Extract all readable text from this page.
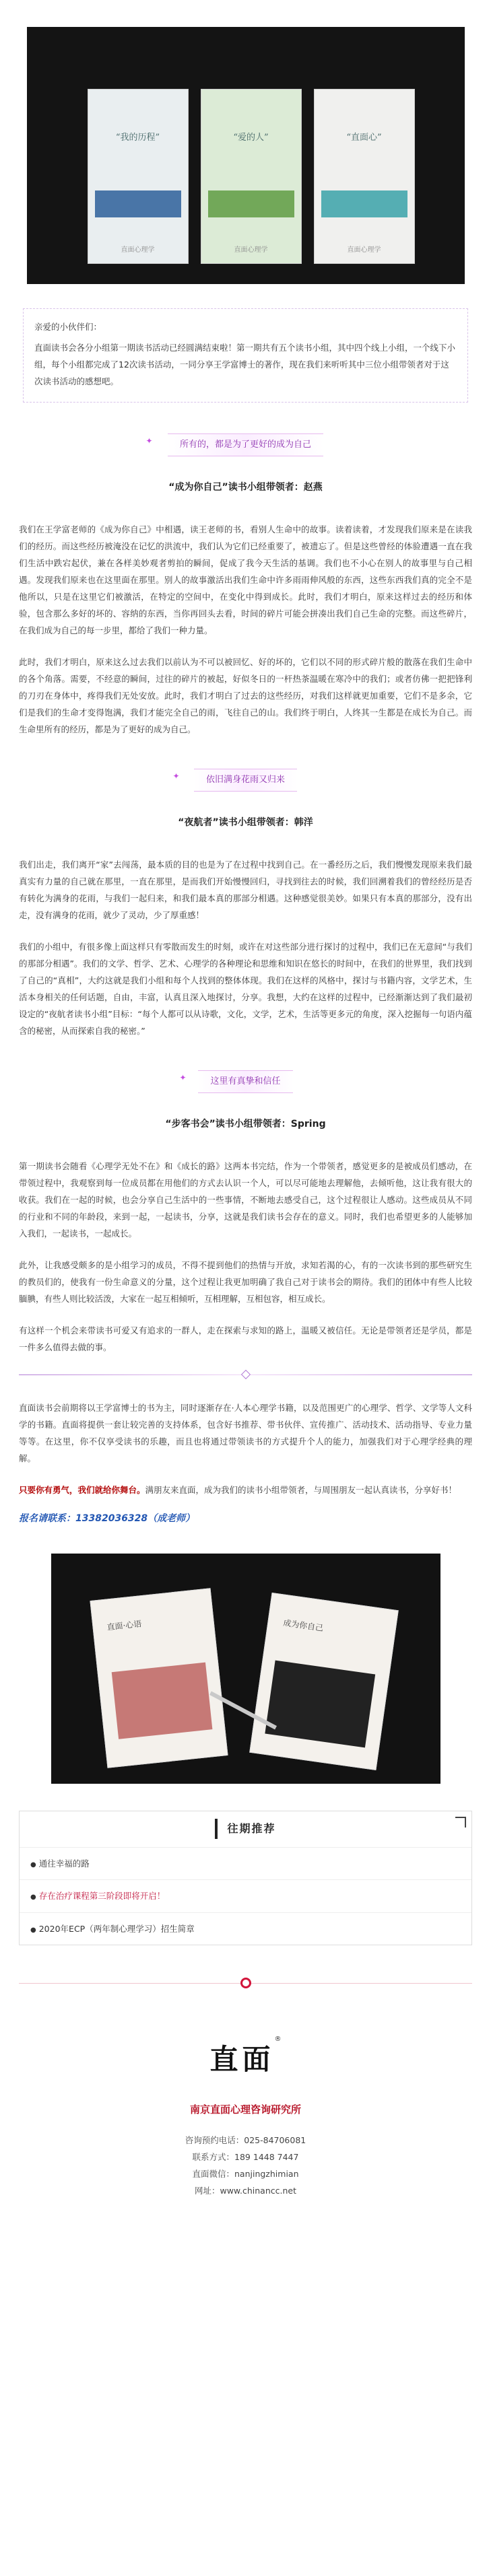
“我的历程”
直面心理学
“爱的人”
直面心理学
“直面心”
直面心理学

亲爱的小伙伴们：

直面读书会各分小组第一期读书活动已经圆满结束啦！第一期共有五个读书小组，其中四个线上小组，一个线下小组，每个小组都完成了12次读书活动，一同分享王学富博士的著作，现在我们来听听其中三位小组带领者对于这次读书活动的感想吧。

✦	所有的，都是为了更好的成为自己
“成为你自己”读书小组带领者：赵燕
我们在王学富老师的《成为你自己》中相遇，读王老师的书，看别人生命中的故事。读着读着，才发现我们原来是在读我们的经历。而这些经历被淹没在记忆的洪流中，我们认为它们已经重要了，被遗忘了。但是这些曾经的体验遭遇一直在我们生活中跌宕起伏，兼在各样美妙观者剪拍的瞬间，促成了我今天生活的基调。我们也不小心在别人的故事里与自己相遇。发现我们原来也在这里面在那里。别人的故事激活出我们生命中许多雨雨伸风般的东西，这些东西我们真的完全不是他所以，只是在这里它们被激活，在特定的空间中，在变化中得到成长。此时，我们才明白，原来这样过去的经历和体验，包含那么多好的坏的、容纳的东西，当你再回头去看，时间的碎片可能会拼凑出我们自己生命的完整。而这些碎片，在我们成为自己的每一步里，都给了我们一种力量。
此时，我们才明白，原来这么过去我们以前认为不可以被回忆、好的坏的，它们以不同的形式碎片般的散落在我们生命中的各个角落。需要，不经意的瞬间，过往的碎片的被起，好似冬日的一杆热茶温暖在寒冷中的我们；或者仿佛一把把锋利的刀刃在身体中，疼得我们无处安放。此时，我们才明白了过去的这些经历，对我们这样就更加重要，它们不是多余，它们是我们的生命才变得饱满，我们才能完全自己的雨，飞往自己的山。我们终于明白，人终其一生都是在成长为自己。而生命里所有的经历，都是为了更好的成为自己。
✦	依旧满身花雨又归来
“夜航者”读书小组带领者：韩洋
我们出走，我们离开“家”去闯荡，最本质的目的也是为了在过程中找到自己。在一番经历之后，我们慢慢发现原来我们最真实有力量的自己就在那里，一直在那里，是而我们开始慢慢回归，寻找到往去的时候，我们回溯着我们的曾经经历是否有转化为满身的花雨，与我们一起归来，和我们最本真的那部分相遇。这种感觉很美妙。如果只有本真的那部分，没有出走，没有满身的花雨，就少了灵动，少了厚重感！
我们的小组中，有很多像上面这样只有零散而发生的时刻，或许在对这些部分进行探讨的过程中，我们已在无意间“与我们的那部分相遇”。我们的文学、哲学、艺术、心理学的各种理论和思维和知识在悠长的时间中，在我们的世界里，我们找到了自己的“真相”，大约这就是我们小组和每个人找到的整体体现。我们在这样的风格中，探讨与书籍内容，文学艺术，生活本身相关的任何话题，自由，丰富，认真且深入地探讨，分享。我想，大约在这样的过程中，已经渐渐达到了我们最初设定的“夜航者读书小组”目标：“每个人都可以从诗歌，文化，文学，艺术，生活等更多元的角度，深入挖掘每一句语内蕴含的秘密，从而探索自我的秘密。”
✦	这里有真挚和信任
“步客书会”读书小组带领者：Spring
第一期读书会随看《心理学无处不在》和《成长的路》这两本书完结，作为一个带领者，感觉更多的是被成员们感动，在带领过程中，我观察到每一位成员都在用他们的方式去认识一个人，可以尽可能地去理解他，去倾听他，这让我有很大的收获。我们在一起的时候，也会分享自己生活中的一些事情，不断地去感受自己，这个过程很让人感动。这些成员从不同的行业和不同的年龄段，来到一起，一起读书，分享，这就是我们读书会存在的意义。同时，我们也希望更多的人能够加入我们，一起读书，一起成长。
此外，让我感受颇多的是小组学习的成员，不得不提到他们的热情与开放，求知若渴的心，有的一次读书到的那些研究生的教员们的，使我有一份生命意义的分量，这个过程让我更加明确了我自己对于读书会的期待。我们的团体中有些人比较腼腆，有些人则比较活泼，大家在一起互相倾听，互相理解，互相包容，相互成长。
有这样一个机会来带读书可爱又有追求的一群人，走在探索与求知的路上，温暖又被信任。无论是带领者还是学员，都是一件多么值得去做的事。
直面读书会前期将以王学富博士的书为主，同时逐渐存在·人本心理学书籍，以及范围更广的心理学、哲学、文学等人文科学的书籍。直面将提供一套让较完善的支持体系，包含好书推荐、带书伙伴、宣传推广、活动技术、活动指导、专业力量等等。在这里，你不仅享受读书的乐趣，而且也将通过带领读书的方式提升个人的能力，加强我们对于心理学经典的理解。
只要你有勇气，我们就给你舞台。满朋友来直面，成为我们的读书小组带领者，与周围朋友一起认真读书，分享好书！
报名请联系：13382036328（成老师）
直面·心语	成为你自己
往期推荐
● 通往幸福的路
● 存在治疗课程第三阶段即将开启！
● 2020年ECP（两年制心理学习）招生简章
直面®
南京直面心理咨询研究所
咨询预约电话：025-84706081
联系方式：189 1448 7447
直面微信：nanjingzhimian
网址：www.chinancc.net
